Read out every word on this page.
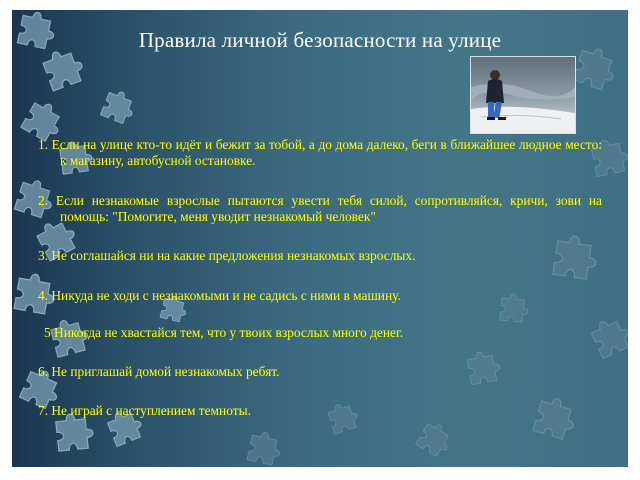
Правила личной безопасности на улице
1. Если на улице кто-то идёт и бежит за тобой, а до дома далеко, беги в ближайшее людное место: к магазину, автобусной остановке.
2. Если незнакомые взрослые пытаются увести тебя силой, сопротивляйся, кричи, зови на помощь: "Помогите, меня уводит незнакомый человек"
3. Не соглашайся ни на какие предложения незнакомых взрослых.
4. Никуда не ходи с незнакомыми и не садись с ними в машину.
5 Никогда не хвастайся тем, что у твоих взрослых много денег.
6. Не приглашай домой незнакомых ребят.
7. Не играй с наступлением темноты.
